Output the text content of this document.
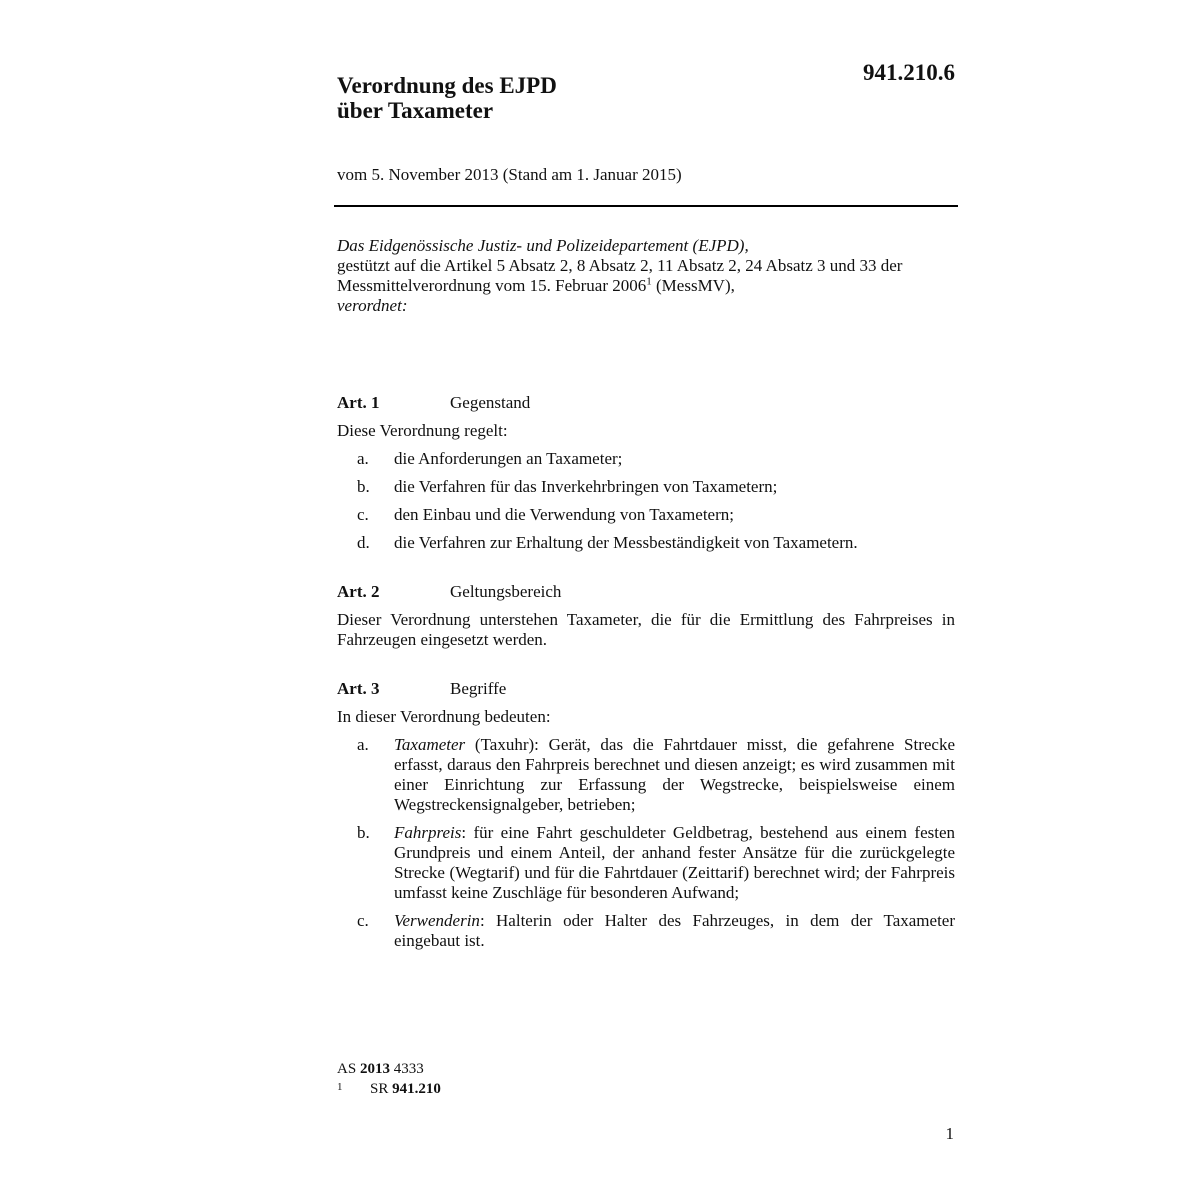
941.210.6
Verordnung des EJPD
über Taxameter
vom 5. November 2013 (Stand am 1. Januar 2015)
Das Eidgenössische Justiz- und Polizeidepartement (EJPD),
gestützt auf die Artikel 5 Absatz 2, 8 Absatz 2, 11 Absatz 2, 24 Absatz 3 und 33 der
Messmittelverordnung vom 15. Februar 2006$^1$ (MessMV),
verordnet:
Art. 1	Gegenstand
Diese Verordnung regelt:
a.	die Anforderungen an Taxameter;
b.	die Verfahren für das Inverkehrbringen von Taxametern;
c.	den Einbau und die Verwendung von Taxametern;
d.	die Verfahren zur Erhaltung der Messbeständigkeit von Taxametern.
Art. 2	Geltungsbereich
Dieser Verordnung unterstehen Taxameter, die für die Ermittlung des Fahrpreises in Fahrzeugen eingesetzt werden.
Art. 3	Begriffe
In dieser Verordnung bedeuten:
a.	Taxameter (Taxuhr): Gerät, das die Fahrtdauer misst, die gefahrene Strecke erfasst, daraus den Fahrpreis berechnet und diesen anzeigt; es wird zusammen mit einer Einrichtung zur Erfassung der Wegstrecke, beispielsweise einem Wegstreckensignalgeber, betrieben;
b.	Fahrpreis: für eine Fahrt geschuldeter Geldbetrag, bestehend aus einem festen Grundpreis und einem Anteil, der anhand fester Ansätze für die zurückgelegte Strecke (Wegtarif) und für die Fahrtdauer (Zeittarif) berechnet wird; der Fahrpreis umfasst keine Zuschläge für besonderen Aufwand;
c.	Verwenderin: Halterin oder Halter des Fahrzeuges, in dem der Taxameter eingebaut ist.
AS 2013 4333
1	SR 941.210
1
